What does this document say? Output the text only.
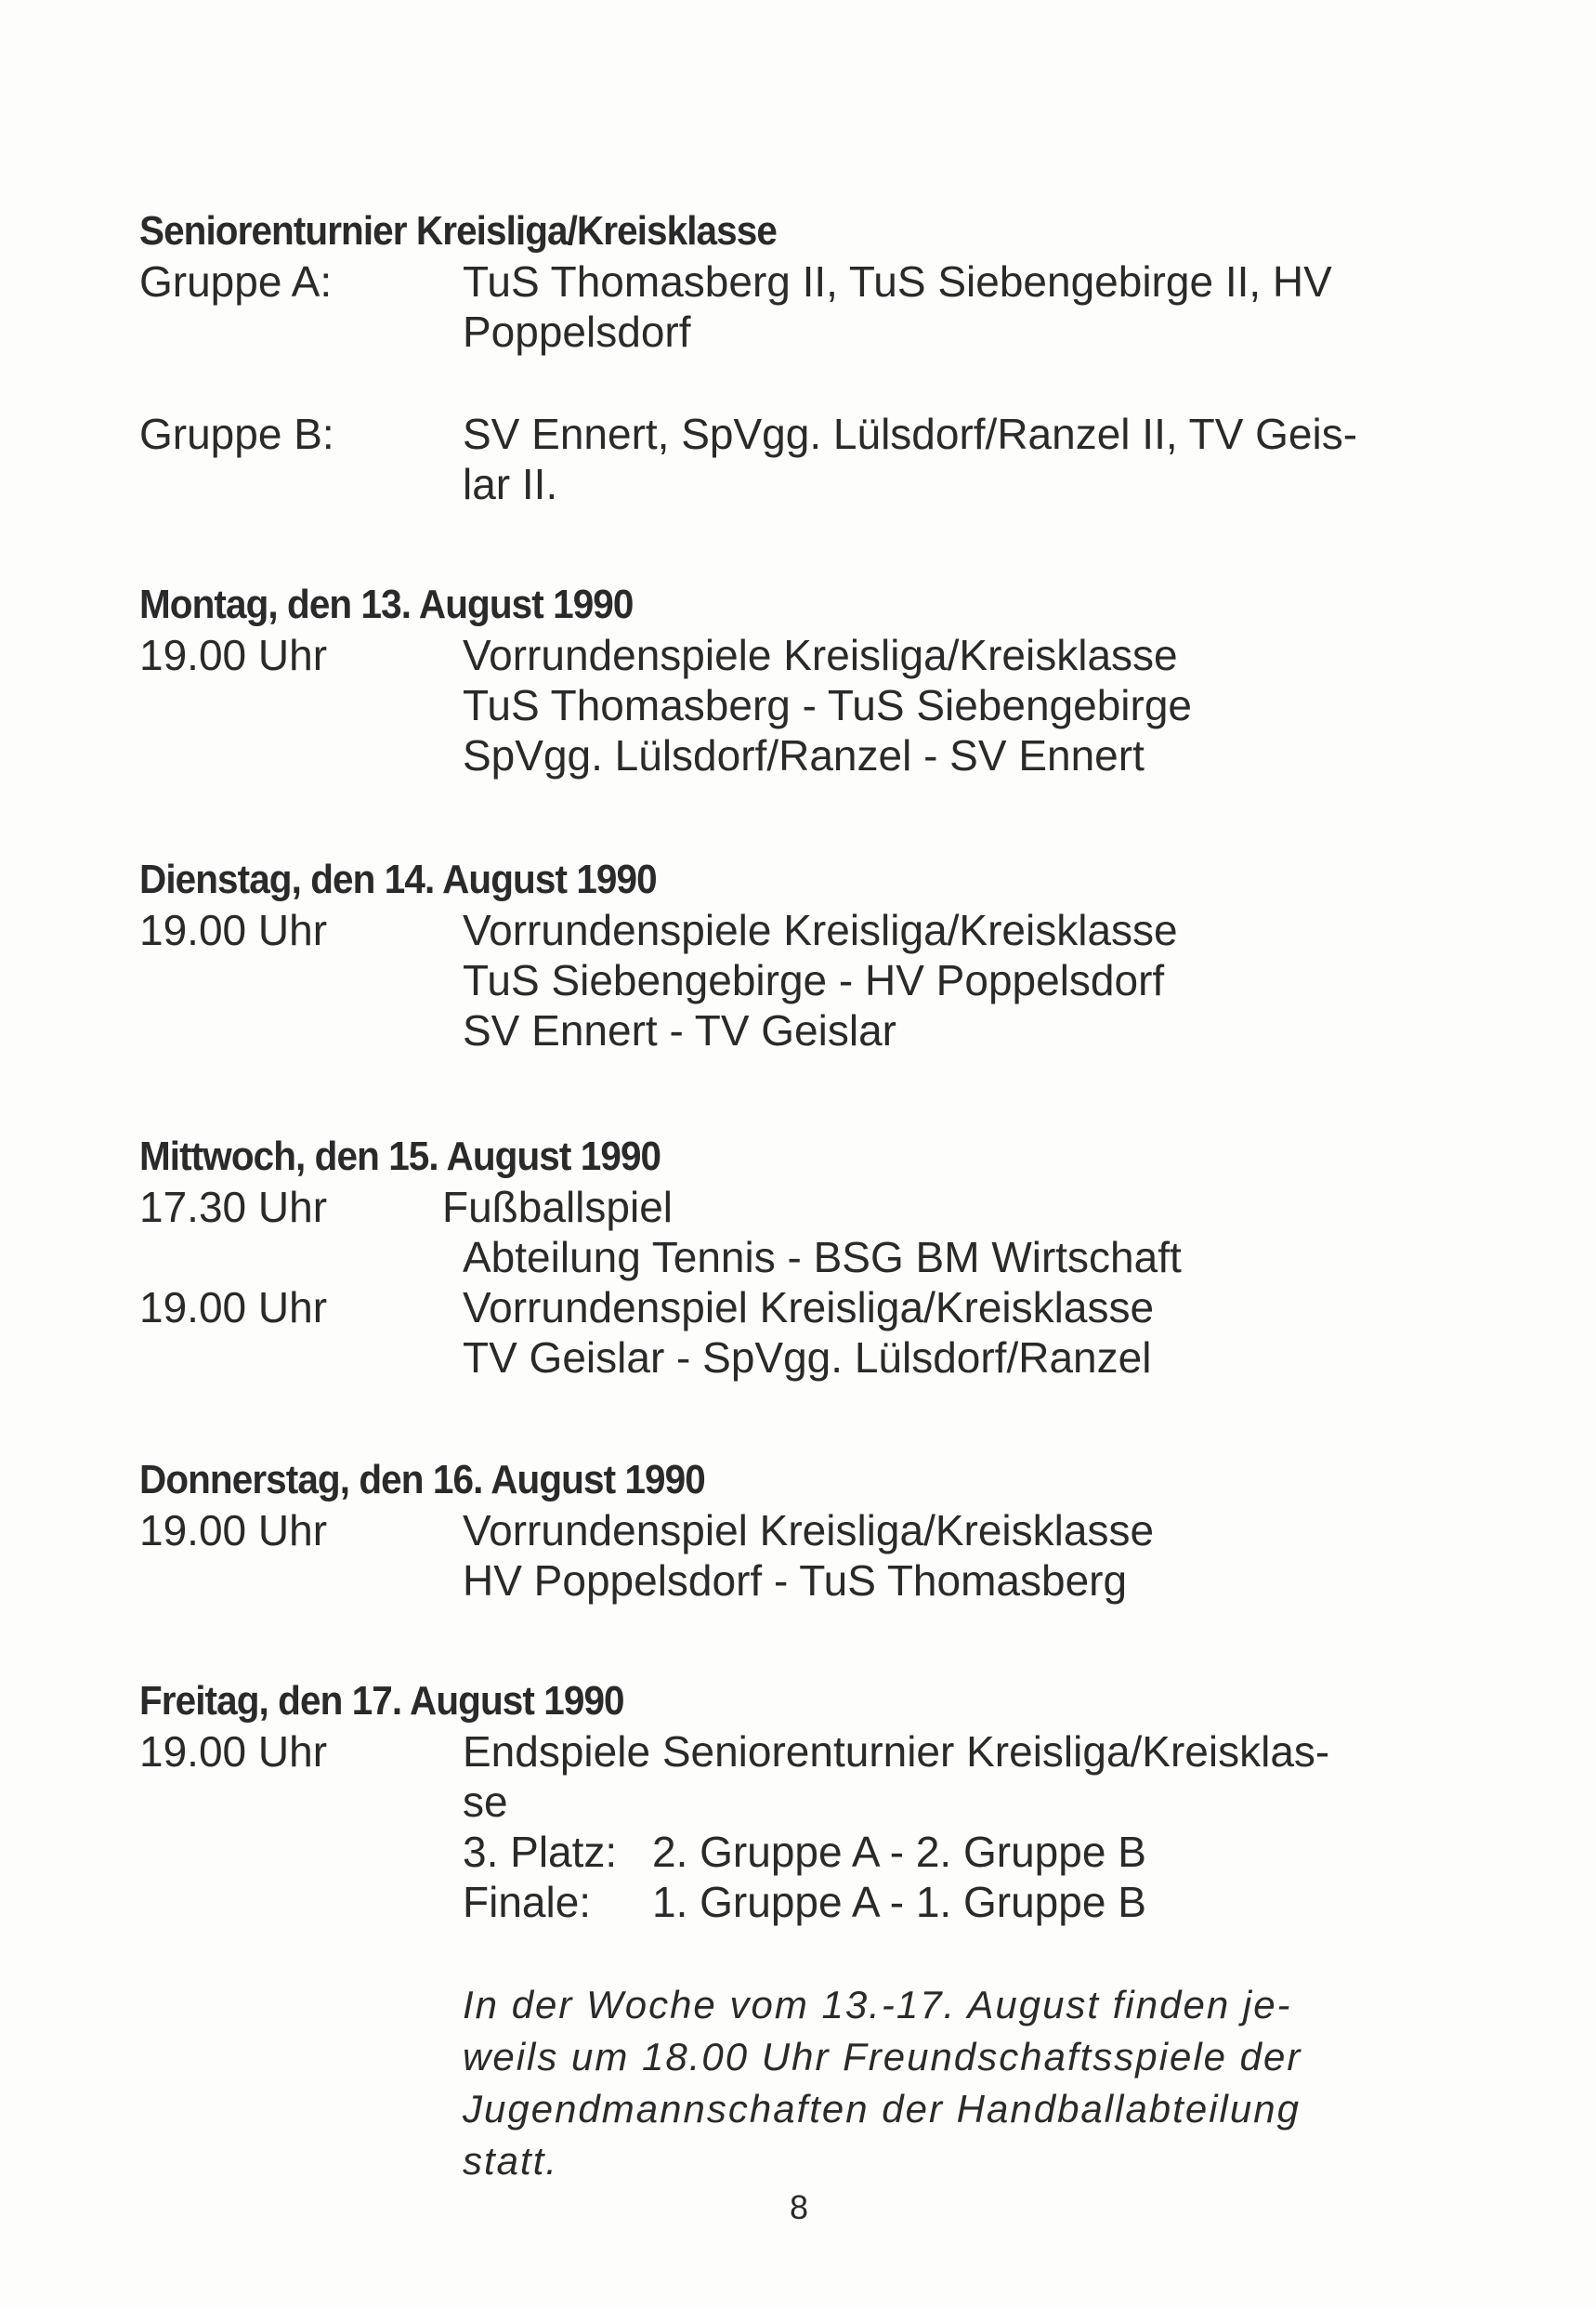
Seniorenturnier Kreisliga/Kreisklasse
Gruppe A:	TuS Thomasberg II, TuS Siebengebirge II, HV
Poppelsdorf
Gruppe B:	SV Ennert, SpVgg. Lülsdorf/Ranzel II, TV Geis-
lar II.
Montag, den 13. August 1990
19.00 Uhr	Vorrundenspiele Kreisliga/Kreisklasse
TuS Thomasberg - TuS Siebengebirge
SpVgg. Lülsdorf/Ranzel - SV Ennert
Dienstag, den 14. August 1990
19.00 Uhr	Vorrundenspiele Kreisliga/Kreisklasse
TuS Siebengebirge - HV Poppelsdorf
SV Ennert - TV Geislar
Mittwoch, den 15. August 1990
17.30 Uhr	Fußballspiel
Abteilung Tennis - BSG BM Wirtschaft
19.00 Uhr	Vorrundenspiel Kreisliga/Kreisklasse
TV Geislar - SpVgg. Lülsdorf/Ranzel
Donnerstag, den 16. August 1990
19.00 Uhr	Vorrundenspiel Kreisliga/Kreisklasse
HV Poppelsdorf - TuS Thomasberg
Freitag, den 17. August 1990
19.00 Uhr	Endspiele Seniorenturnier Kreisliga/Kreisklas-
se
3. Platz: 2. Gruppe A - 2. Gruppe B
Finale: 1. Gruppe A - 1. Gruppe B
In der Woche vom 13.-17. August finden je-
weils um 18.00 Uhr Freundschaftsspiele der
Jugendmannschaften der Handballabteilung
statt.
8
